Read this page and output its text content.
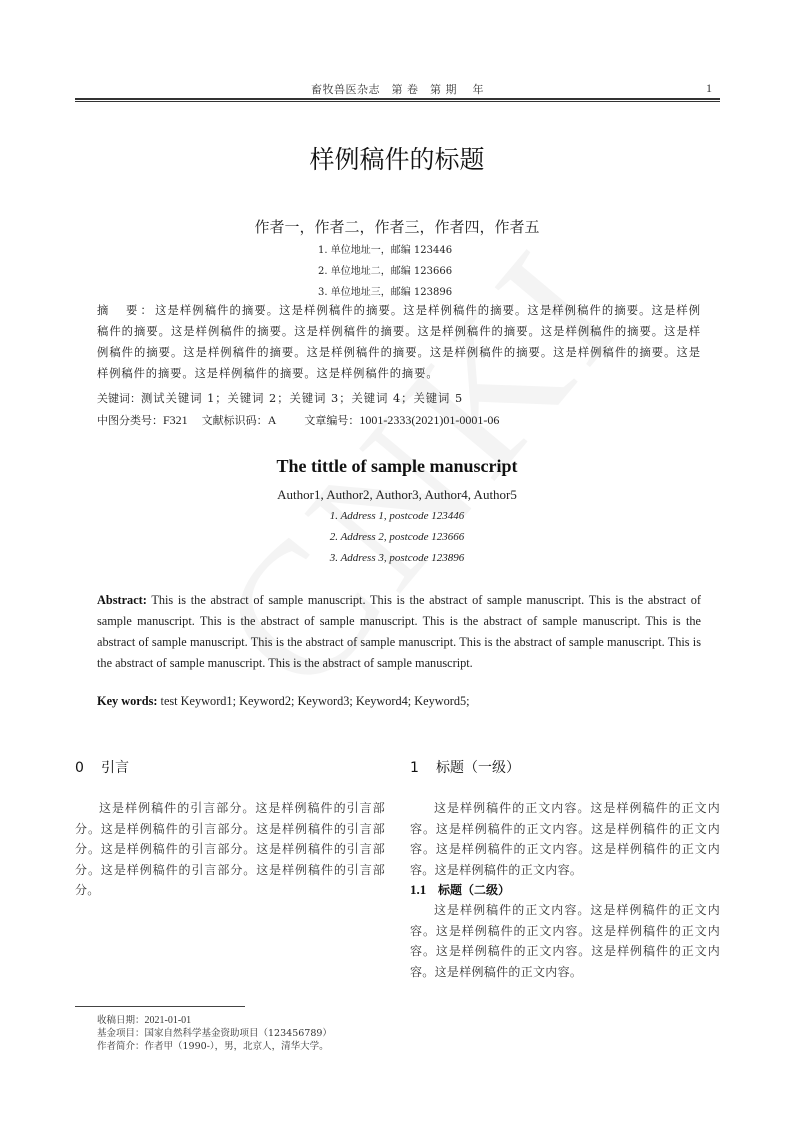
畜牧兽医杂志　第 卷　第 期　 年	1
样例稿件的标题
作者一，作者二，作者三，作者四，作者五
1. 单位地址一，邮编 123446
2. 单位地址二，邮编 123666
3. 单位地址三，邮编 123896
摘　要：这是样例稿件的摘要。这是样例稿件的摘要。这是样例稿件的摘要。这是样例稿件的摘要。这是样例稿件的摘要。这是样例稿件的摘要。这是样例稿件的摘要。这是样例稿件的摘要。这是样例稿件的摘要。这是样例稿件的摘要。这是样例稿件的摘要。这是样例稿件的摘要。这是样例稿件的摘要。这是样例稿件的摘要。这是样例稿件的摘要。这是样例稿件的摘要。这是样例稿件的摘要。
关键词：测试关键词 1；关键词 2；关键词 3；关键词 4；关键词 5
中图分类号：F321 文献标识码：A	文章编号：1001-2333(2021)01-0001-06
The tittle of sample manuscript
Author1, Author2, Author3, Author4, Author5
1. Address 1, postcode 123446
2. Address 2, postcode 123666
3. Address 3, postcode 123896
Abstract: This is the abstract of sample manuscript. This is the abstract of sample manuscript. This is the abstract of sample manuscript. This is the abstract of sample manuscript. This is the abstract of sample manuscript. This is the abstract of sample manuscript. This is the abstract of sample manuscript. This is the abstract of sample manuscript. This is the abstract of sample manuscript. This is the abstract of sample manuscript.
Key words: test Keyword1; Keyword2; Keyword3; Keyword4; Keyword5;
0 引言

这是样例稿件的引言部分。这是样例稿件的引言部分。这是样例稿件的引言部分。这是样例稿件的引言部分。这是样例稿件的引言部分。这是样例稿件的引言部分。这是样例稿件的引言部分。这是样例稿件的引言部分。

1 标题（一级）

这是样例稿件的正文内容。这是样例稿件的正文内容。这是样例稿件的正文内容。这是样例稿件的正文内容。这是样例稿件的正文内容。这是样例稿件的正文内容。这是样例稿件的正文内容。

1.1 标题（二级）

这是样例稿件的正文内容。这是样例稿件的正文内容。这是样例稿件的正文内容。这是样例稿件的正文内容。这是样例稿件的正文内容。这是样例稿件的正文内容。这是样例稿件的正文内容。

收稿日期：2021-01-01
基金项目：国家自然科学基金资助项目（123456789）
作者简介：作者甲（1990-），男，北京人，清华大学。
